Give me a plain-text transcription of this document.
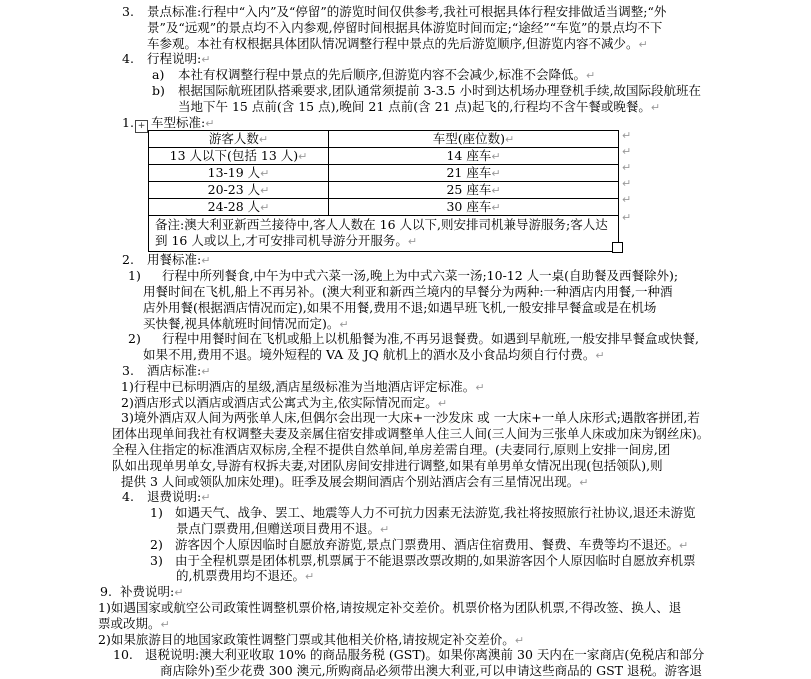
3. 景点标准:行程中“入内”及“停留”的游览时间仅供参考,我社可根据具体行程安排做适当调整;“外
景”及“远观”的景点均不入内参观,停留时间根据具体游览时间而定;“途经”“车览”的景点均不下
车参观。本社有权根据具体团队情况调整行程中景点的先后游览顺序,但游览内容不减少。↵
4. 行程说明:↵
a) 本社有权调整行程中景点的先后顺序,但游览内容不会减少,标准不会降低。↵
b) 根据国际航班团队搭乘要求,团队通常须提前 3-3.5 小时到达机场办理登机手续,故国际段航班在
当地下午 15 点前(含 15 点),晚间 21 点前(含 21 点)起飞的,行程均不含午餐或晚餐。↵
1. + 车型标准:↵
游客人数↵	车型(座位数)↵
13 人以下(包括 13 人)↵	14 座车↵
13-19 人↵	21 座车↵
20-23 人↵	25 座车↵
24-28 人↵	30 座车↵

备注:澳大利亚新西兰接待中,客人人数在 16 人以下,则安排司机兼导游服务;客人达
到 16 人或以上,才可安排司机导游分开服务。↵	
↵
↵
↵
↵
↵
↵
2. 用餐标准:↵
1) 行程中所列餐食,中午为中式六菜一汤,晚上为中式六菜一汤;10-12 人一桌(自助餐及西餐除外);
用餐时间在飞机,船上不再另补。(澳大利亚和新西兰境内的早餐分为两种:一种酒店内用餐,一种酒
店外用餐(根据酒店情况而定),如果不用餐,费用不退;如遇早班飞机,一般安排早餐盒或是在机场
买快餐,视具体航班时间情况而定)。↵
2) 行程中用餐时间在飞机或船上以机船餐为准,不再另退餐费。如遇到早航班,一般安排早餐盒或快餐,
如果不用,费用不退。境外短程的 VA 及 JQ 航机上的酒水及小食品均须自行付费。↵
3. 酒店标准:↵
1)行程中已标明酒店的星级,酒店星级标准为当地酒店评定标准。↵
2)酒店形式以酒店或酒店式公寓式为主,依实际情况而定。↵
3)境外酒店双人间为两张单人床,但偶尔会出现一大床+一沙发床 或 一大床+一单人床形式;遇散客拼团,若
团体出现单间我社有权调整夫妻及亲属住宿安排或调整单人住三人间(三人间为三张单人床或加床为钢丝床)。
全程入住指定的标准酒店双标房,全程不提供自然单间,单房差需自理。(夫妻同行,原则上安排一间房,团
队如出现单男单女,导游有权拆夫妻,对团队房间安排进行调整,如果有单男单女情况出现(包括领队),则
提供 3 人间或领队加床处理)。旺季及展会期间酒店个别站酒店会有三星情况出现。↵
4. 退费说明:↵
1) 如遇天气、战争、罢工、地震等人力不可抗力因素无法游览,我社将按照旅行社协议,退还未游览
景点门票费用,但赠送项目费用不退。↵
2) 游客因个人原因临时自愿放弃游览,景点门票费用、酒店住宿费用、餐费、车费等均不退还。↵
3) 由于全程机票是团体机票,机票属于不能退票改票改期的,如果游客因个人原因临时自愿放弃机票
的,机票费用均不退还。↵
9. 补费说明:↵
1)如遇国家或航空公司政策性调整机票价格,请按规定补交差价。机票价格为团队机票,不得改签、换人、退
票或改期。↵
2)如果旅游目的地国家政策性调整门票或其他相关价格,请按规定补交差价。↵
10. 退税说明:澳大利亚收取 10% 的商品服务税 (GST)。如果你离澳前 30 天内在一家商店(免税店和部分
商店除外)至少花费 300 澳元,所购商品必须带出澳大利亚,可以申请这些商品的 GST 退税。游客退
